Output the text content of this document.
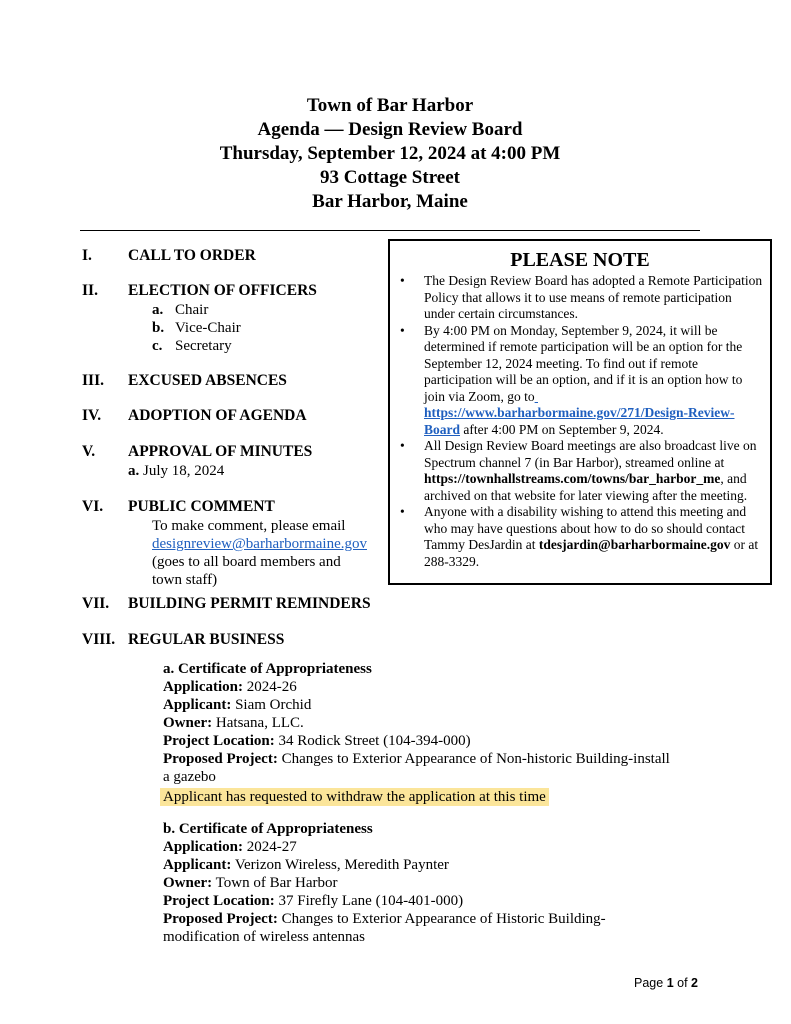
Town of Bar Harbor
Agenda — Design Review Board
Thursday, September 12, 2024 at 4:00 PM
93 Cottage Street
Bar Harbor, Maine
I. CALL TO ORDER
II. ELECTION OF OFFICERS
a. Chair
b. Vice-Chair
c. Secretary
III. EXCUSED ABSENCES
IV. ADOPTION OF AGENDA
V. APPROVAL OF MINUTES
a. July 18, 2024
VI. PUBLIC COMMENT
To make comment, please email
designreview@barharbormaine.gov
(goes to all board members and
town staff)
VII. BUILDING PERMIT REMINDERS
VIII. REGULAR BUSINESS
PLEASE NOTE
• The Design Review Board has adopted a Remote Participation Policy that allows it to use means of remote participation under certain circumstances.
• By 4:00 PM on Monday, September 9, 2024, it will be determined if remote participation will be an option for the September 12, 2024 meeting. To find out if remote participation will be an option, and if it is an option how to join via Zoom, go to  https://www.barharbormaine.gov/271/Design-Review-Board after 4:00 PM on September 9, 2024.
• All Design Review Board meetings are also broadcast live on Spectrum channel 7 (in Bar Harbor), streamed online at https://townhallstreams.com/towns/bar_harbor_me, and archived on that website for later viewing after the meeting.
• Anyone with a disability wishing to attend this meeting and who may have questions about how to do so should contact Tammy DesJardin at tdesjardin@barharbormaine.gov or at 288-3329.
a. Certificate of Appropriateness
Application: 2024-26
Applicant: Siam Orchid
Owner: Hatsana, LLC.
Project Location: 34 Rodick Street (104-394-000)
Proposed Project: Changes to Exterior Appearance of Non-historic Building-install
a gazebo
Applicant has requested to withdraw the application at this time
b. Certificate of Appropriateness
Application: 2024-27
Applicant: Verizon Wireless, Meredith Paynter
Owner: Town of Bar Harbor
Project Location: 37 Firefly Lane (104-401-000)
Proposed Project: Changes to Exterior Appearance of Historic Building-
modification of wireless antennas
Page 1 of 2
